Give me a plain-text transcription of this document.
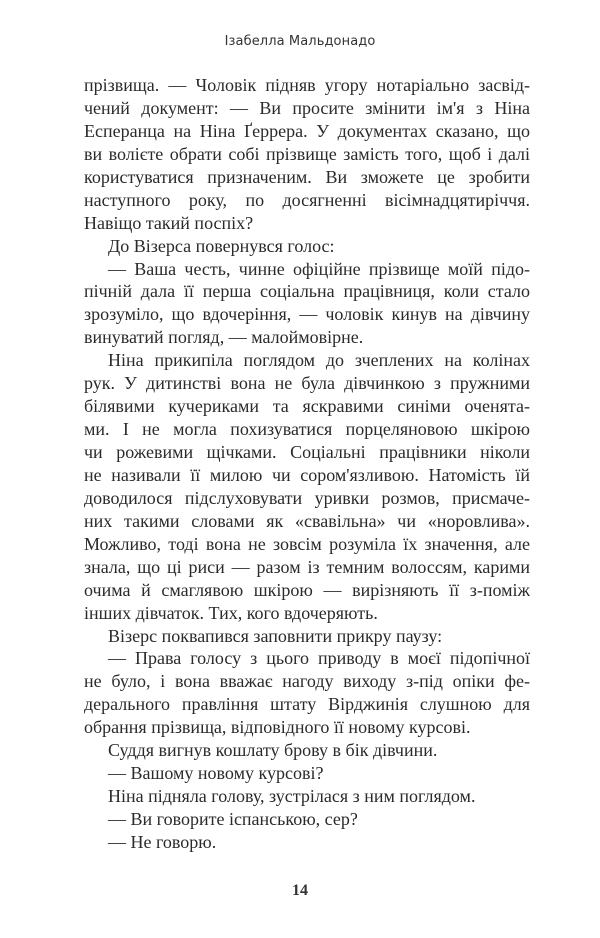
Ізабелла Мальдонадо
прізвища. — Чоловік підняв угору нотаріально засвід-
чений документ: — Ви просите змінити ім'я з Ніна
Есперанца на Ніна Ґеррера. У документах сказано, що
ви волієте обрати собі прізвище замість того, щоб і далі
користуватися призначеним. Ви зможете це зробити
наступного року, по досягненні вісімнадцятиріччя.
Навіщо такий поспіх?
До Візерса повернувся голос:
— Ваша честь, чинне офіційне прізвище моїй підо-
пічній дала її перша соціальна працівниця, коли стало
зрозуміло, що вдочеріння, — чоловік кинув на дівчину
винуватий погляд, — малоймовірне.
Ніна прикипіла поглядом до зчеплених на колінах
рук. У дитинстві вона не була дівчинкою з пружними
білявими кучериками та яскравими синіми оченята-
ми. І не могла похизуватися порцеляновою шкірою
чи рожевими щічками. Соціальні працівники ніколи
не називали її милою чи сором'язливою. Натомість їй
доводилося підслуховувати уривки розмов, присмаче-
них такими словами як «свавільна» чи «норовлива».
Можливо, тоді вона не зовсім розуміла їх значення, але
знала, що ці риси — разом із темним волоссям, карими
очима й смаглявою шкірою — вирізняють її з-поміж
інших дівчаток. Тих, кого вдочеряють.
Візерс поквапився заповнити прикру паузу:
— Права голосу з цього приводу в моєї підопічної
не було, і вона вважає нагоду виходу з-під опіки фе-
дерального правління штату Вірджинія слушною для
обрання прізвища, відповідного її новому курсові.
Суддя вигнув кошлату брову в бік дівчини.
— Вашому новому курсові?
Ніна підняла голову, зустрілася з ним поглядом.
— Ви говорите іспанською, сер?
— Не говорю.
14
